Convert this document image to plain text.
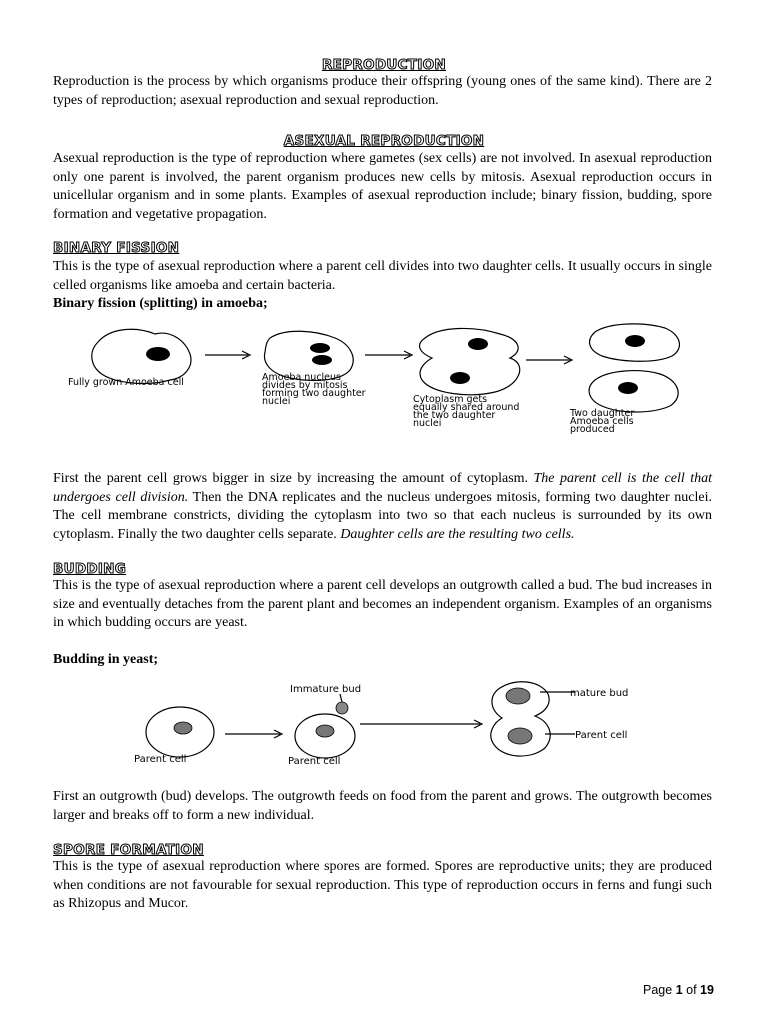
REPRODUCTION
Reproduction is the process by which organisms produce their offspring (young ones of the same kind). There are 2 types of reproduction; asexual reproduction and sexual reproduction.
ASEXUAL REPRODUCTION
Asexual reproduction is the type of reproduction where gametes (sex cells) are not involved. In asexual reproduction only one parent is involved, the parent organism produces new cells by mitosis. Asexual reproduction occurs in unicellular organism and in some plants. Examples of asexual reproduction include; binary fission, budding, spore formation and vegetative propagation.
BINARY FISSION
This is the type of asexual reproduction where a parent cell divides into two daughter cells. It usually occurs in single celled organisms like amoeba and certain bacteria.
Binary fission (splitting) in amoeba;
Fully grown Amoeba cell	Amoeba nucleus
divides by mitosis
forming two daughter
nuclei	Cytoplasm gets
equally shared around
the two daughter
nuclei
Two daughter
Amoeba cells
produced
First the parent cell grows bigger in size by increasing the amount of cytoplasm. The parent cell is the cell that undergoes cell division. Then the DNA replicates and the nucleus undergoes mitosis, forming two daughter nuclei. The cell membrane constricts, dividing the cytoplasm into two so that each nucleus is surrounded by its own cytoplasm. Finally the two daughter cells separate. Daughter cells are the resulting two cells.
BUDDING
This is the type of asexual reproduction where a parent cell develops an outgrowth called a bud. The bud increases in size and eventually detaches from the parent plant and becomes an independent organism. Examples of an organisms in which budding occurs are yeast.
Budding in yeast;
Immature bud
Parent cell	Parent cell
mature bud
Parent cell
First an outgrowth (bud) develops. The outgrowth feeds on food from the parent and grows. The outgrowth becomes larger and breaks off to form a new individual.
SPORE FORMATION
This is the type of asexual reproduction where spores are formed. Spores are reproductive units; they are produced when conditions are not favourable for sexual reproduction. This type of reproduction occurs in ferns and fungi such as Rhizopus and Mucor.
Page 1 of 19
